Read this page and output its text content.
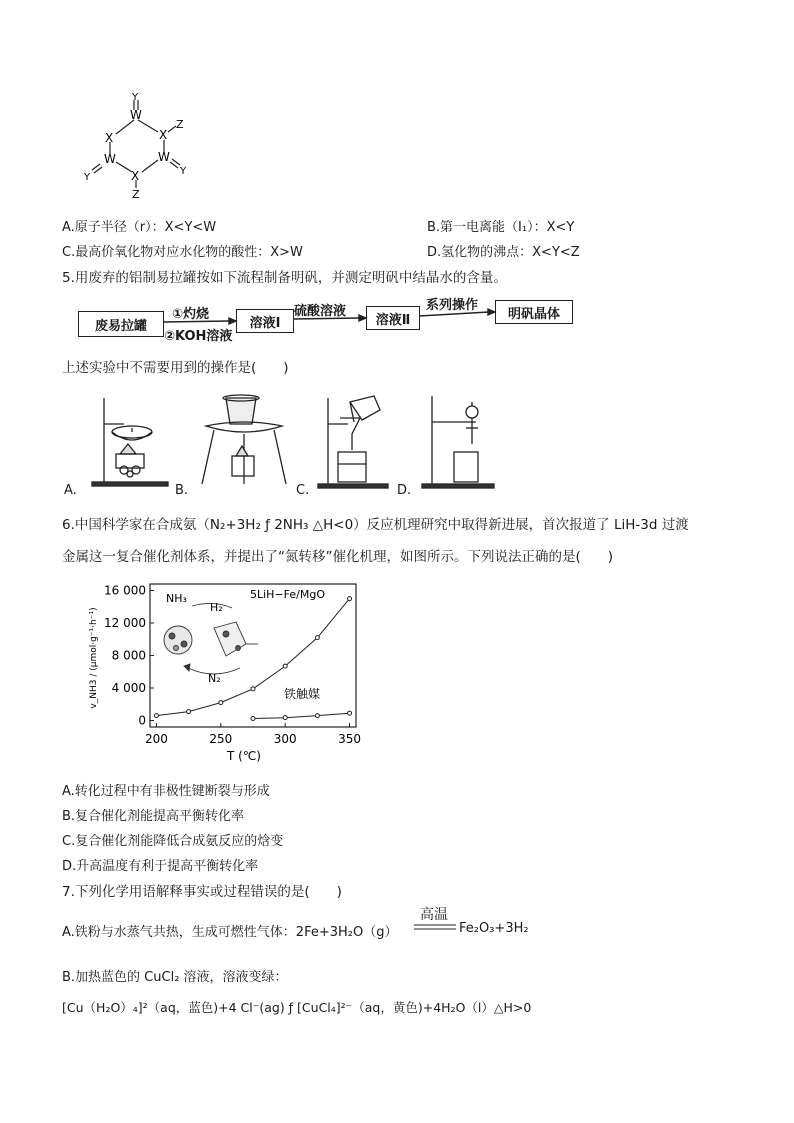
Y
W
X	X
Z
W	W
Y
Y
X
Z
A.原子半径（r）：X<Y<W	B.第一电离能（I₁）：X<Y
C.最高价氧化物对应水化物的酸性：X>W	D.氢化物的沸点：X<Y<Z
5.用废弃的铝制易拉罐按如下流程制备明矾，并测定明矾中结晶水的含量。
废易拉罐	溶液Ⅰ	溶液Ⅱ	明矾晶体
①灼烧
②KOH溶液
硫酸溶液	系列操作
上述实验中不需要用到的操作是(　　)
A.	B.	C.	D.
6.中国科学家在合成氨（N₂+3H₂ ƒ 2NH₃ △H<0）反应机理研究中取得新进展，首次报道了 LiH-3d 过渡
金属这一复合催化剂体系，并提出了“氮转移”催化机理，如图所示。下列说法正确的是(　　)
v_NH3 / (μmol·g⁻¹·h⁻¹)
T (℃)
5LiH−Fe/MgO
铁触媒
NH₃
H₂
N₂
0
4 000
8 000
12 000
16 000
200	250	300	350
A.转化过程中有非极性键断裂与形成
B.复合催化剂能提高平衡转化率
C.复合催化剂能降低合成氨反应的焓变
D.升高温度有利于提高平衡转化率
7.下列化学用语解释事实或过程错误的是(　　)
A.铁粉与水蒸气共热，生成可燃性气体：2Fe+3H₂O（g）
高温
Fe₂O₃+3H₂
B.加热蓝色的 CuCl₂ 溶液，溶液变绿：
[Cu（H₂O）₄]²（aq，蓝色)+4 Cl⁻(ag) ƒ [CuCl₄]²⁻（aq，黄色)+4H₂O（l）△H>0
